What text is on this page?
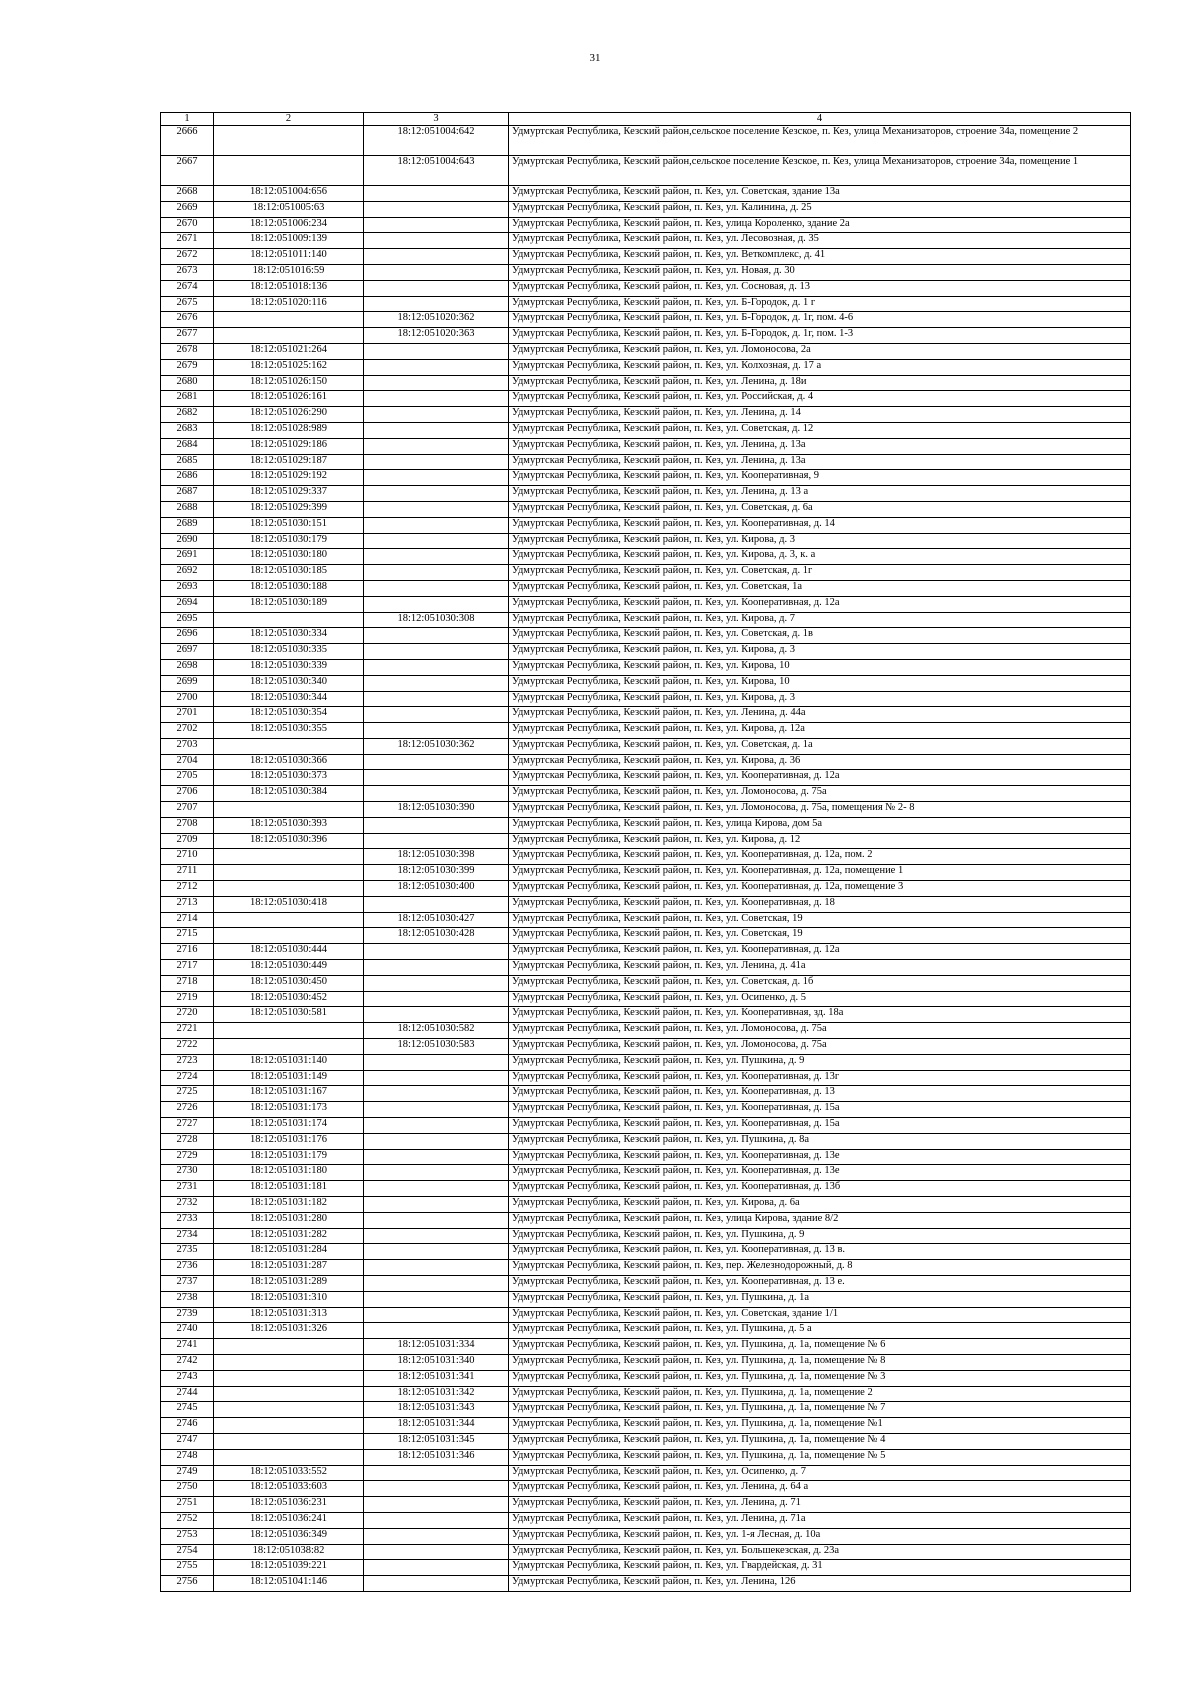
31
1	2	3	4
2666		18:12:051004:642	Удмуртская Республика, Кезский район,сельское поселение Кезское, п. Кез, улица Механизаторов, строение 34а, помещение 2
2667		18:12:051004:643	Удмуртская Республика, Кезский район,сельское поселение Кезское, п. Кез, улица Механизаторов, строение 34а, помещение 1
2668	18:12:051004:656		Удмуртская Республика, Кезский район, п. Кез, ул. Советская, здание 13а
2669	18:12:051005:63		Удмуртская Республика, Кезский район, п. Кез, ул. Калинина, д. 25
2670	18:12:051006:234		Удмуртская Республика, Кезский район, п. Кез, улица Короленко, здание 2а
2671	18:12:051009:139		Удмуртская Республика, Кезский район, п. Кез, ул. Лесовозная, д. 35
2672	18:12:051011:140		Удмуртская Республика, Кезский район, п. Кез, ул. Веткомплекс, д. 41
2673	18:12:051016:59		Удмуртская Республика, Кезский район, п. Кез, ул. Новая, д. 30
2674	18:12:051018:136		Удмуртская Республика, Кезский район, п. Кез, ул. Сосновая, д. 13
2675	18:12:051020:116		Удмуртская Республика, Кезский район, п. Кез, ул. Б-Городок, д. 1 г
2676		18:12:051020:362	Удмуртская Республика, Кезский район, п. Кез, ул. Б-Городок, д. 1г, пом. 4-6
2677		18:12:051020:363	Удмуртская Республика, Кезский район, п. Кез, ул. Б-Городок, д. 1г, пом. 1-3
2678	18:12:051021:264		Удмуртская Республика, Кезский район, п. Кез, ул. Ломоносова, 2а
2679	18:12:051025:162		Удмуртская Республика, Кезский район, п. Кез, ул. Колхозная, д. 17 а
2680	18:12:051026:150		Удмуртская Республика, Кезский район, п. Кез, ул. Ленина, д. 18и
2681	18:12:051026:161		Удмуртская Республика, Кезский район, п. Кез, ул. Российская, д. 4
2682	18:12:051026:290		Удмуртская Республика, Кезский район, п. Кез, ул. Ленина, д. 14
2683	18:12:051028:989		Удмуртская Республика, Кезский район, п. Кез, ул. Советская, д. 12
2684	18:12:051029:186		Удмуртская Республика, Кезский район, п. Кез, ул. Ленина, д. 13а
2685	18:12:051029:187		Удмуртская Республика, Кезский район, п. Кез, ул. Ленина, д. 13а
2686	18:12:051029:192		Удмуртская Республика, Кезский район, п. Кез, ул. Кооперативная, 9
2687	18:12:051029:337		Удмуртская Республика, Кезский район, п. Кез, ул. Ленина, д. 13 а
2688	18:12:051029:399		Удмуртская Республика, Кезский район, п. Кез, ул. Советская, д. 6а
2689	18:12:051030:151		Удмуртская Республика, Кезский район, п. Кез, ул. Кооперативная, д. 14
2690	18:12:051030:179		Удмуртская Республика, Кезский район, п. Кез, ул. Кирова, д. 3
2691	18:12:051030:180		Удмуртская Республика, Кезский район, п. Кез, ул. Кирова, д. 3, к. а
2692	18:12:051030:185		Удмуртская Республика, Кезский район, п. Кез, ул. Советская, д. 1г
2693	18:12:051030:188		Удмуртская Республика, Кезский район, п. Кез, ул. Советская, 1а
2694	18:12:051030:189		Удмуртская Республика, Кезский район, п. Кез, ул. Кооперативная, д. 12а
2695		18:12:051030:308	Удмуртская Республика, Кезский район, п. Кез, ул. Кирова, д. 7
2696	18:12:051030:334		Удмуртская Республика, Кезский район, п. Кез, ул. Советская, д. 1в
2697	18:12:051030:335		Удмуртская Республика, Кезский район, п. Кез, ул. Кирова, д. 3
2698	18:12:051030:339		Удмуртская Республика, Кезский район, п. Кез, ул. Кирова, 10
2699	18:12:051030:340		Удмуртская Республика, Кезский район, п. Кез, ул. Кирова, 10
2700	18:12:051030:344		Удмуртская Республика, Кезский район, п. Кез, ул. Кирова, д. 3
2701	18:12:051030:354		Удмуртская Республика, Кезский район, п. Кез, ул. Ленина, д. 44а
2702	18:12:051030:355		Удмуртская Республика, Кезский район, п. Кез, ул. Кирова, д. 12а
2703		18:12:051030:362	Удмуртская Республика, Кезский район, п. Кез, ул. Советская, д. 1а
2704	18:12:051030:366		Удмуртская Республика, Кезский район, п. Кез, ул. Кирова, д. 36
2705	18:12:051030:373		Удмуртская Республика, Кезский район, п. Кез, ул. Кооперативная, д. 12а
2706	18:12:051030:384		Удмуртская Республика, Кезский район, п. Кез, ул. Ломоносова, д. 75а
2707		18:12:051030:390	Удмуртская Республика, Кезский район, п. Кез, ул. Ломоносова, д. 75а, помещения № 2- 8
2708	18:12:051030:393		Удмуртская Республика, Кезский район, п. Кез, улица Кирова, дом 5а
2709	18:12:051030:396		Удмуртская Республика, Кезский район, п. Кез, ул. Кирова, д. 12
2710		18:12:051030:398	Удмуртская Республика, Кезский район, п. Кез, ул. Кооперативная, д. 12а, пом. 2
2711		18:12:051030:399	Удмуртская Республика, Кезский район, п. Кез, ул. Кооперативная, д. 12а, помещение 1
2712		18:12:051030:400	Удмуртская Республика, Кезский район, п. Кез, ул. Кооперативная, д. 12а, помещение 3
2713	18:12:051030:418		Удмуртская Республика, Кезский район, п. Кез, ул. Кооперативная, д. 18
2714		18:12:051030:427	Удмуртская Республика, Кезский район, п. Кез, ул. Советская, 19
2715		18:12:051030:428	Удмуртская Республика, Кезский район, п. Кез, ул. Советская, 19
2716	18:12:051030:444		Удмуртская Республика, Кезский район, п. Кез, ул. Кооперативная, д. 12а
2717	18:12:051030:449		Удмуртская Республика, Кезский район, п. Кез, ул. Ленина, д. 41а
2718	18:12:051030:450		Удмуртская Республика, Кезский район, п. Кез, ул. Советская, д. 1б
2719	18:12:051030:452		Удмуртская Республика, Кезский район, п. Кез, ул. Осипенко, д. 5
2720	18:12:051030:581		Удмуртская Республика, Кезский район, п. Кез, ул. Кооперативная, зд. 18а
2721		18:12:051030:582	Удмуртская Республика, Кезский район, п. Кез, ул. Ломоносова, д. 75а
2722		18:12:051030:583	Удмуртская Республика, Кезский район, п. Кез, ул. Ломоносова, д. 75а
2723	18:12:051031:140		Удмуртская Республика, Кезский район, п. Кез, ул. Пушкина, д. 9
2724	18:12:051031:149		Удмуртская Республика, Кезский район, п. Кез, ул. Кооперативная, д. 13г
2725	18:12:051031:167		Удмуртская Республика, Кезский район, п. Кез, ул. Кооперативная, д. 13
2726	18:12:051031:173		Удмуртская Республика, Кезский район, п. Кез, ул. Кооперативная, д. 15а
2727	18:12:051031:174		Удмуртская Республика, Кезский район, п. Кез, ул. Кооперативная, д. 15а
2728	18:12:051031:176		Удмуртская Республика, Кезский район, п. Кез, ул. Пушкина, д. 8а
2729	18:12:051031:179		Удмуртская Республика, Кезский район, п. Кез, ул. Кооперативная, д. 13е
2730	18:12:051031:180		Удмуртская Республика, Кезский район, п. Кез, ул. Кооперативная, д. 13е
2731	18:12:051031:181		Удмуртская Республика, Кезский район, п. Кез, ул. Кооперативная, д. 13б
2732	18:12:051031:182		Удмуртская Республика, Кезский район, п. Кез, ул. Кирова, д. 6а
2733	18:12:051031:280		Удмуртская Республика, Кезский район, п. Кез, улица Кирова, здание 8/2
2734	18:12:051031:282		Удмуртская Республика, Кезский район, п. Кез, ул. Пушкина, д. 9
2735	18:12:051031:284		Удмуртская Республика, Кезский район, п. Кез, ул. Кооперативная, д. 13 в.
2736	18:12:051031:287		Удмуртская Республика, Кезский район, п. Кез, пер. Железнодорожный, д. 8
2737	18:12:051031:289		Удмуртская Республика, Кезский район, п. Кез, ул. Кооперативная, д. 13 е.
2738	18:12:051031:310		Удмуртская Республика, Кезский район, п. Кез, ул. Пушкина, д. 1а
2739	18:12:051031:313		Удмуртская Республика, Кезский район, п. Кез, ул. Советская, здание 1/1
2740	18:12:051031:326		Удмуртская Республика, Кезский район, п. Кез, ул. Пушкина, д. 5 а
2741		18:12:051031:334	Удмуртская Республика, Кезский район, п. Кез, ул. Пушкина, д. 1а, помещение № 6
2742		18:12:051031:340	Удмуртская Республика, Кезский район, п. Кез, ул. Пушкина, д. 1а, помещение № 8
2743		18:12:051031:341	Удмуртская Республика, Кезский район, п. Кез, ул. Пушкина, д. 1а, помещение № 3
2744		18:12:051031:342	Удмуртская Республика, Кезский район, п. Кез, ул. Пушкина, д. 1а, помещение 2
2745		18:12:051031:343	Удмуртская Республика, Кезский район, п. Кез, ул. Пушкина, д. 1а, помещение № 7
2746		18:12:051031:344	Удмуртская Республика, Кезский район, п. Кез, ул. Пушкина, д. 1а, помещение №1
2747		18:12:051031:345	Удмуртская Республика, Кезский район, п. Кез, ул. Пушкина, д. 1а, помещение № 4
2748		18:12:051031:346	Удмуртская Республика, Кезский район, п. Кез, ул. Пушкина, д. 1а, помещение № 5
2749	18:12:051033:552		Удмуртская Республика, Кезский район, п. Кез, ул. Осипенко, д. 7
2750	18:12:051033:603		Удмуртская Республика, Кезский район, п. Кез, ул. Ленина, д. 64 а
2751	18:12:051036:231		Удмуртская Республика, Кезский район, п. Кез, ул. Ленина, д. 71
2752	18:12:051036:241		Удмуртская Республика, Кезский район, п. Кез, ул. Ленина, д. 71а
2753	18:12:051036:349		Удмуртская Республика, Кезский район, п. Кез, ул. 1-я Лесная, д. 10а
2754	18:12:051038:82		Удмуртская Республика, Кезский район, п. Кез, ул. Большекезская, д. 23а
2755	18:12:051039:221		Удмуртская Республика, Кезский район, п. Кез, ул. Гвардейская, д. 31
2756	18:12:051041:146		Удмуртская Республика, Кезский район, п. Кез, ул. Ленина, 126
